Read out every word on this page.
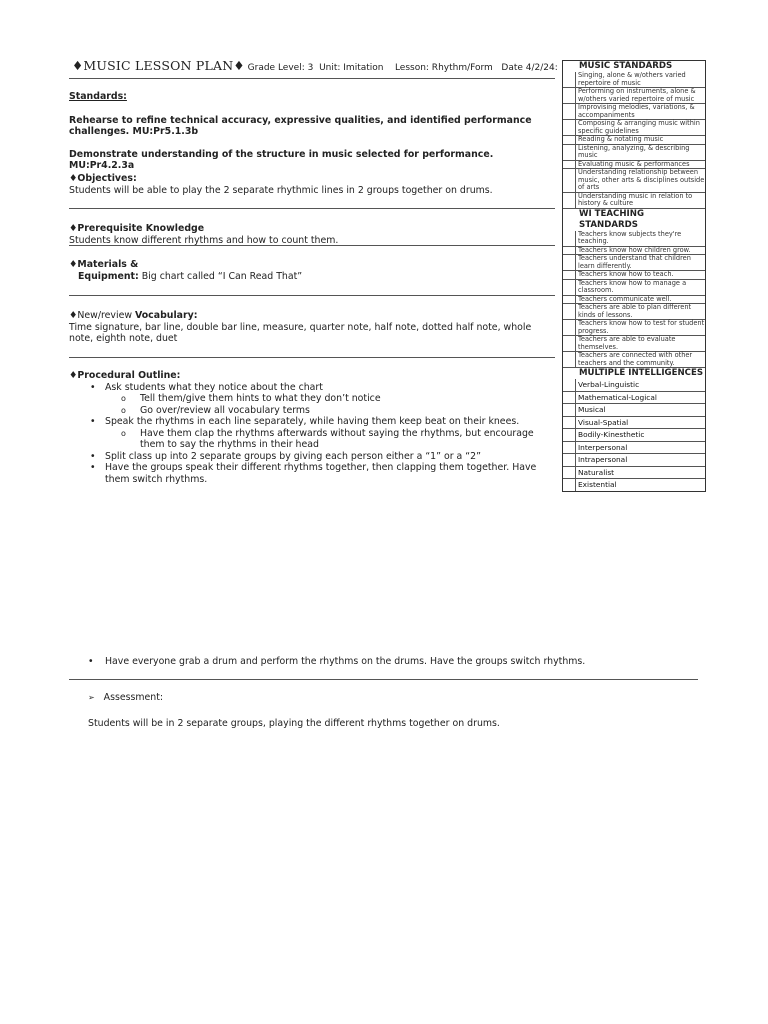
♦MUSIC LESSON PLAN♦ Grade Level: 3 Unit: Imitation Lesson: Rhythm/Form Date 4/2/24:
Standards:
Rehearse to refine technical accuracy, expressive qualities, and identified performance challenges. MU:Pr5.1.3b
Demonstrate understanding of the structure in music selected for performance. MU:Pr4.2.3a
♦Objectives:
Students will be able to play the 2 separate rhythmic lines in 2 groups together on drums.
♦Prerequisite Knowledge
Students know different rhythms and how to count them.
♦Materials &
Equipment: Big chart called “I Can Read That”
♦New/review Vocabulary:
Time signature, bar line, double bar line, measure, quarter note, half note, dotted half note, whole note, eighth note, duet
♦Procedural Outline:
• Ask students what they notice about the chart
o Tell them/give them hints to what they don’t notice
o Go over/review all vocabulary terms
• Speak the rhythms in each line separately, while having them keep beat on their knees.
o Have them clap the rhythms afterwards without saying the rhythms, but encourage them to say the rhythms in their head
• Split class up into 2 separate groups by giving each person either a “1” or a “2”
• Have the groups speak their different rhythms together, then clapping them together. Have them switch rhythms.
• Have everyone grab a drum and perform the rhythms on the drums. Have the groups switch rhythms.
➢ Assessment:
Students will be in 2 separate groups, playing the different rhythms together on drums.
MUSIC STANDARDS
Singing, alone & w/others varied repertoire of music
Performing on instruments, alone & w/others varied repertoire of music
Improvising melodies, variations, & accompaniments
Composing & arranging music within specific guidelines
Reading & notating music
Listening, analyzing, & describing music
Evaluating music & performances
Understanding relationship between music, other arts & disciplines outside of arts
Understanding music in relation to history & culture
WI TEACHING STANDARDS
Teachers know subjects they're teaching.
Teachers know how children grow.
Teachers understand that children learn differently.
Teachers know how to teach.
Teachers know how to manage a classroom.
Teachers communicate well.
Teachers are able to plan different kinds of lessons.
Teachers know how to test for student progress.
Teachers are able to evaluate themselves.
Teachers are connected with other teachers and the community.
MULTIPLE INTELLIGENCES
Verbal-Linguistic
Mathematical-Logical
Musical
Visual-Spatial
Bodily-Kinesthetic
Interpersonal
Intrapersonal
Naturalist
Existential
